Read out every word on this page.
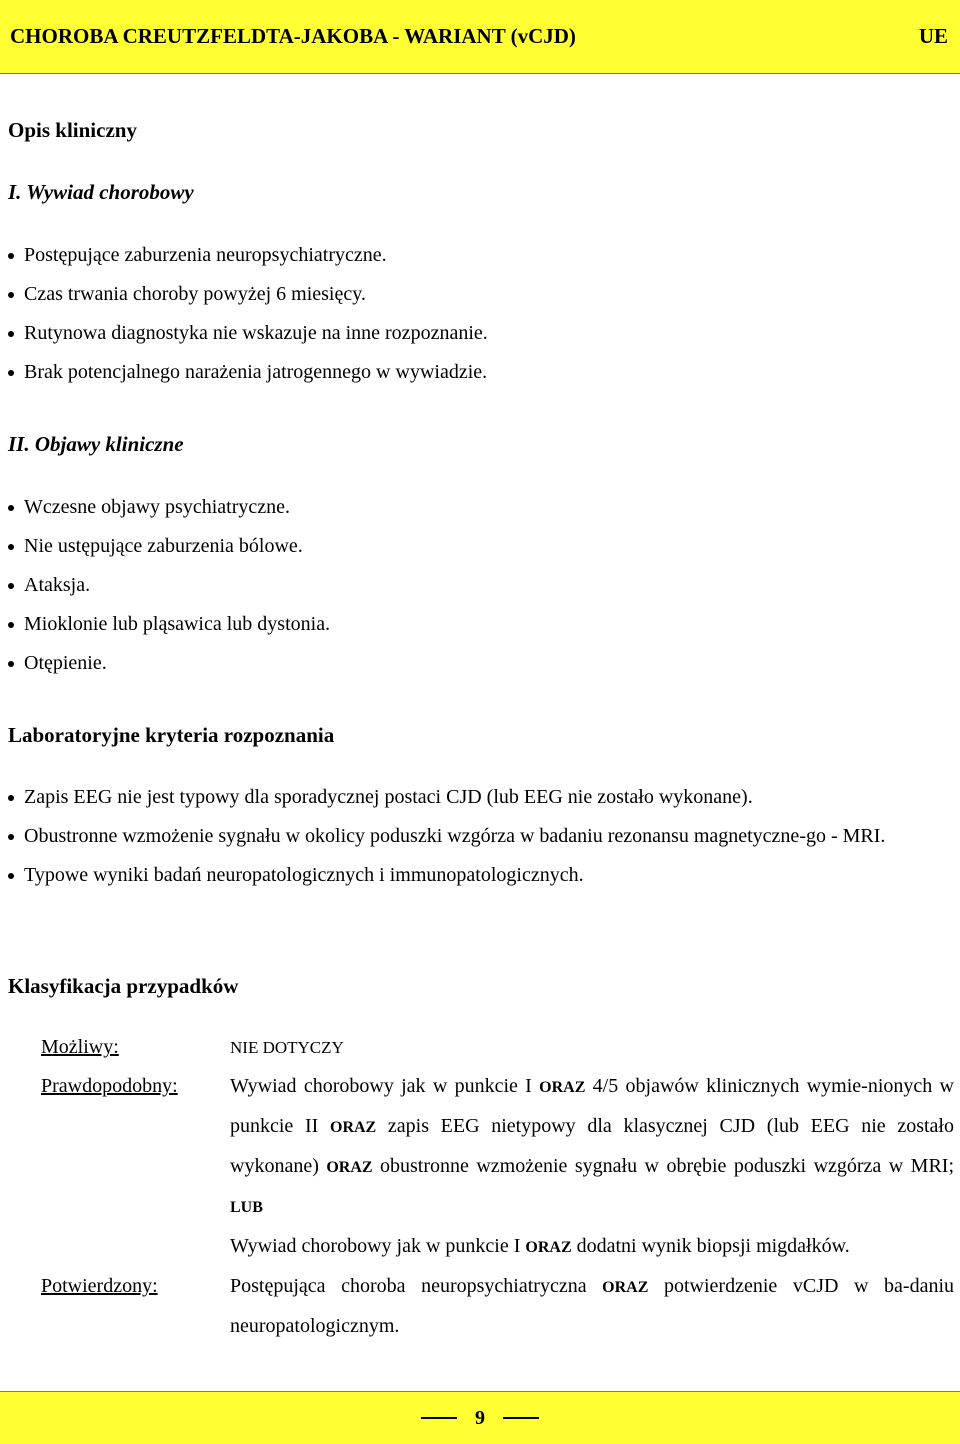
CHOROBA CREUTZFELDTA-JAKOBA - WARIANT (vCJD)	UE
Opis kliniczny
I. Wywiad chorobowy
Postępujące zaburzenia neuropsychiatryczne.
Czas trwania choroby powyżej 6 miesięcy.
Rutynowa diagnostyka nie wskazuje na inne rozpoznanie.
Brak potencjalnego narażenia jatrogennego w wywiadzie.
II. Objawy kliniczne
Wczesne objawy psychiatryczne.
Nie ustępujące zaburzenia bólowe.
Ataksja.
Mioklonie lub pląsawica lub dystonia.
Otępienie.
Laboratoryjne kryteria rozpoznania
Zapis EEG nie jest typowy dla sporadycznej postaci CJD (lub EEG nie zostało wykonane).
Obustronne wzmożenie sygnału w okolicy poduszki wzgórza w badaniu rezonansu magnetyczne-go - MRI.
Typowe wyniki badań neuropatologicznych i immunopatologicznych.
Klasyfikacja przypadków
Możliwy:	NIE DOTYCZY
Prawdopodobny:	Wywiad chorobowy jak w punkcie I ORAZ 4/5 objawów klinicznych wymie-nionych w punkcie II ORAZ zapis EEG nietypowy dla klasycznej CJD (lub EEG nie zostało wykonane) ORAZ obustronne wzmożenie sygnału w obrębie poduszki wzgórza w MRI; LUB
Wywiad chorobowy jak w punkcie I ORAZ dodatni wynik biopsji migdałków.
Potwierdzony:	Postępująca choroba neuropsychiatryczna ORAZ potwierdzenie vCJD w ba-daniu neuropatologicznym.
9
